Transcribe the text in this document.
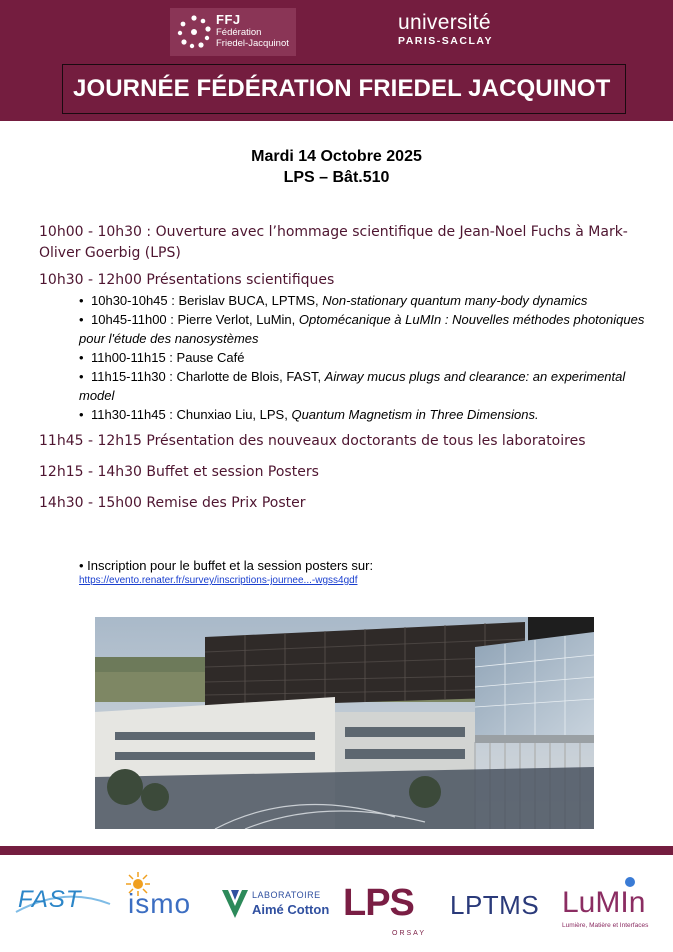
FFJ
Fédération
Friedel-Jacquinot
université
PARIS-SACLAY
JOURNÉE FÉDÉRATION FRIEDEL JACQUINOT
Mardi 14 Octobre 2025
LPS – Bât.510
10h00 - 10h30 : Ouverture avec l’hommage scientifique de Jean-Noel Fuchs à Mark-Oliver Goerbig (LPS)
10h30 - 12h00 Présentations scientifiques
• 10h30-10h45 : Berislav BUCA, LPTMS, Non-stationary quantum many-body dynamics
• 10h45-11h00 : Pierre Verlot, LuMin, Optomécanique à LuMIn : Nouvelles méthodes photoniques pour l'étude des nanosystèmes
• 11h00-11h15 : Pause Café
• 11h15-11h30 : Charlotte de Blois, FAST, Airway mucus plugs and clearance: an experimental model
• 11h30-11h45 : Chunxiao Liu, LPS, Quantum Magnetism in Three Dimensions.
11h45 - 12h15 Présentation des nouveaux doctorants de tous les laboratoires
12h15 - 14h30 Buffet et session Posters
14h30 - 15h00 Remise des Prix Poster
• Inscription pour le buffet et la session posters sur:
https://evento.renater.fr/survey/inscriptions-journee...-wgss4gdf
FAST ismo	LABORATOIRE
Aimé Cotton LPS
ORSAY
LPTMS LuMIn
Lumière, Matière et Interfaces
